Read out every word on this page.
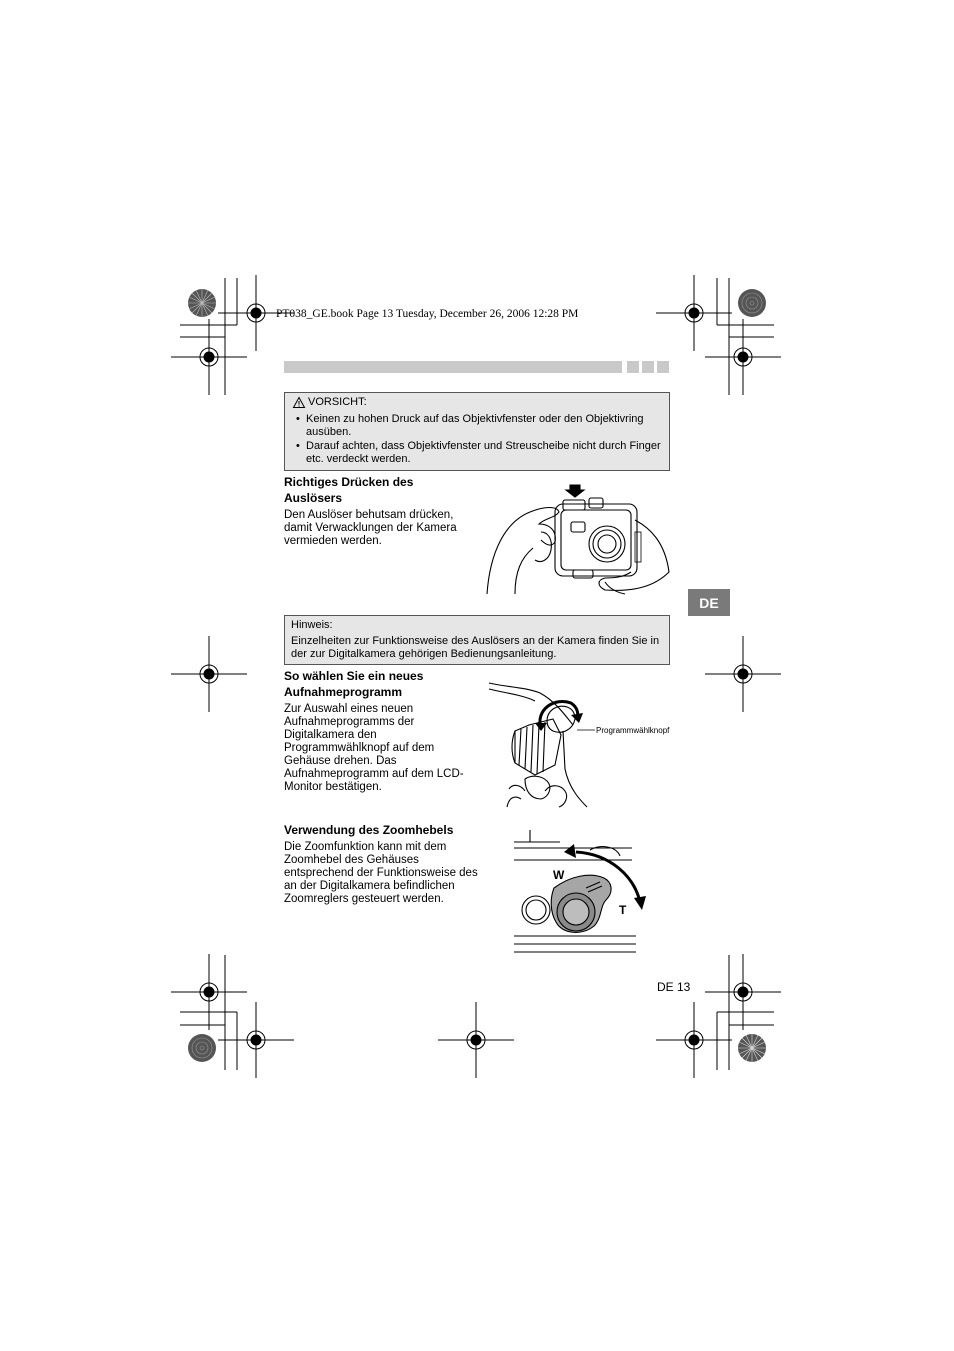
PT038_GE.book Page 13 Tuesday, December 26, 2006 12:28 PM
VORSICHT:
• Keinen zu hohen Druck auf das Objektivfenster oder den Objektivring ausüben.
• Darauf achten, dass Objektivfenster und Streuscheibe nicht durch Finger etc. verdeckt werden.
Richtiges Drücken des Auslösers
Den Auslöser behutsam drücken, damit Verwacklungen der Kamera vermieden werden.
DE
Hinweis:
Einzelheiten zur Funktionsweise des Auslösers an der Kamera finden Sie in der zur Digitalkamera gehörigen Bedienungsanleitung.
So wählen Sie ein neues Aufnahmeprogramm
Zur Auswahl eines neuen Aufnahmeprogramms der Digitalkamera den Programmwählknopf auf dem Gehäuse drehen. Das Aufnahmeprogramm auf dem LCD-Monitor bestätigen.
Programmwählknopf
Verwendung des Zoomhebels
Die Zoomfunktion kann mit dem Zoomhebel des Gehäuses entsprechend der Funktionsweise des an der Digitalkamera befindlichen Zoomreglers gesteuert werden.
W
T
DE 13
